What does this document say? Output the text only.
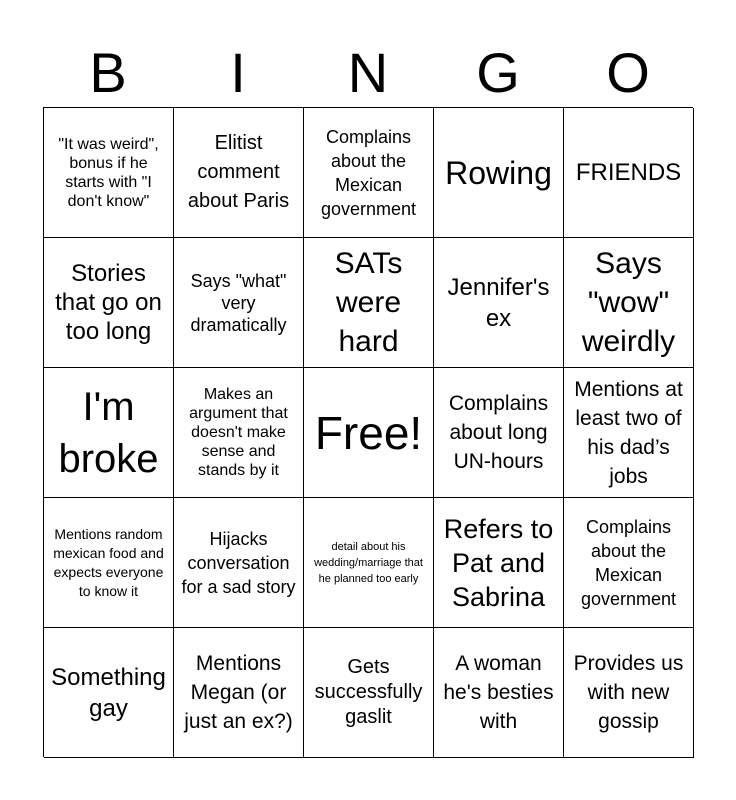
B	I	N	G	O
"It was weird", bonus if he starts with "I don't know"
Elitist comment about Paris
Complains about the Mexican government
Rowing FRIENDS
Stories that go on too long
Says "what" very dramatically
SATs were hard
Jennifer's ex
Says "wow" weirdly
I'm broke
Makes an argument that doesn't make sense and stands by it
Free!
Complains about long UN-hours
Mentions at least two of his dad’s jobs
Mentions random mexican food and expects everyone to know it
Hijacks conversation for a sad story
detail about his wedding/marriage that he planned too early
Refers to Pat and Sabrina
Complains about the Mexican government
Something gay
Mentions Megan (or just an ex?)
Gets successfully gaslit
A woman he's besties with
Provides us with new gossip
